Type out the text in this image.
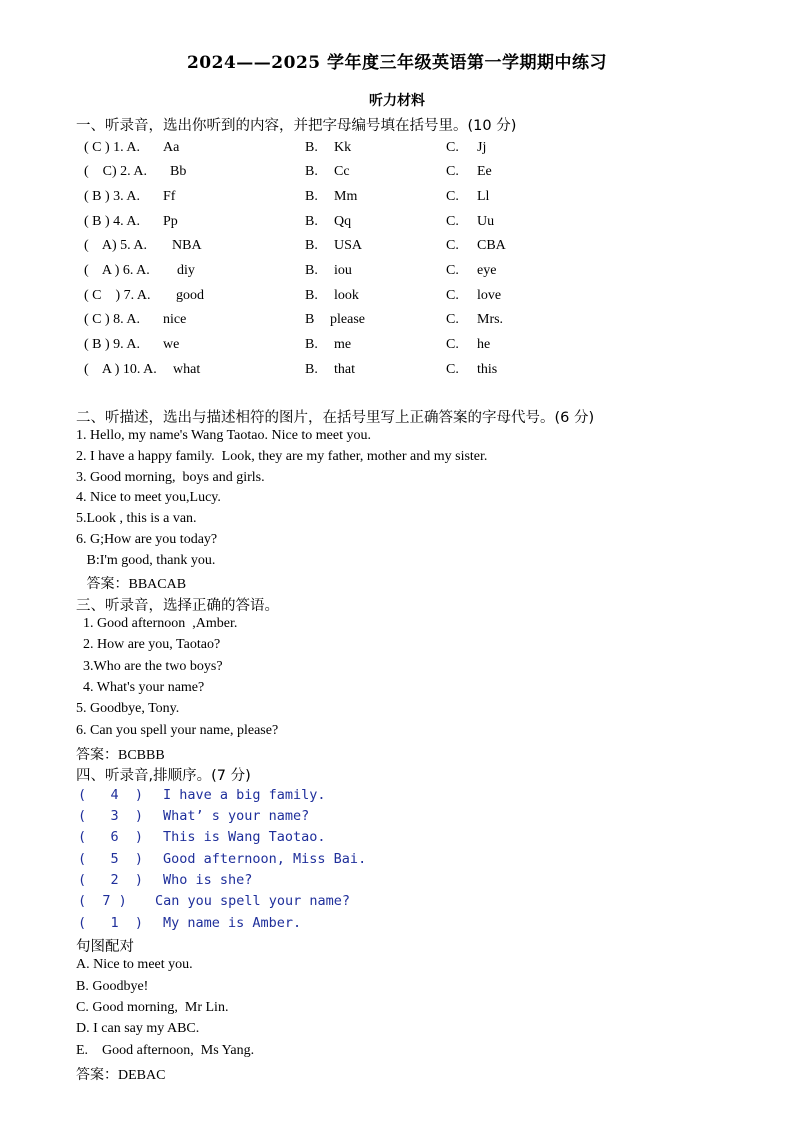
2024——2025 学年度三年级英语第一学期期中练习
听力材料
一、听录音，选出你听到的内容，并把字母编号填在括号里。(10 分)
( C ) 1. A. Aa	B. Kk	C. Jj
(    C) 2. A. Bb	B. Cc	C. Ee
( B ) 3. A. Ff	B. Mm	C. Ll
( B ) 4. A. Pp	B. Qq	C. Uu
(    A) 5. A. NBA	B. USA	C. CBA
(    A ) 6. A. diy	B. iou	C. eye
( C    ) 7. A. good	B. look	C. love
( C ) 8. A. nice	B please	C. Mrs.
( B ) 9. A. we	B. me	C. he
(    A ) 10. A. what	B. that	C. this
二、听描述，选出与描述相符的图片，在括号里写上正确答案的字母代号。(6 分)
1. Hello, my name's Wang Taotao. Nice to meet you.
2. I have a happy family.  Look, they are my father, mother and my sister.
3. Good morning,  boys and girls.
4. Nice to meet you,Lucy.
5.Look , this is a van.
6. G;How are you today?
B:I'm good, thank you.
答案：BBACAB
三、听录音，选择正确的答语。
1. Good afternoon  ,Amber.
2. How are you, Taotao?
3.Who are the two boys?
4. What's your name?
5. Goodbye, Tony.
6. Can you spell your name, please?
答案：BCBBB
四、听录音,排顺序。(7 分)
(   4  ) I have a big family.
(   3  ) What’ s your name?
(   6  ) This is Wang Taotao.
(   5  ) Good afternoon, Miss Bai.
(   2  ) Who is she?
(  7 ) Can you spell your name?
(   1  ) My name is Amber.
句图配对
A. Nice to meet you.
B. Goodbye!
C. Good morning,  Mr Lin.
D. I can say my ABC.
E.    Good afternoon,  Ms Yang.
答案：DEBAC
